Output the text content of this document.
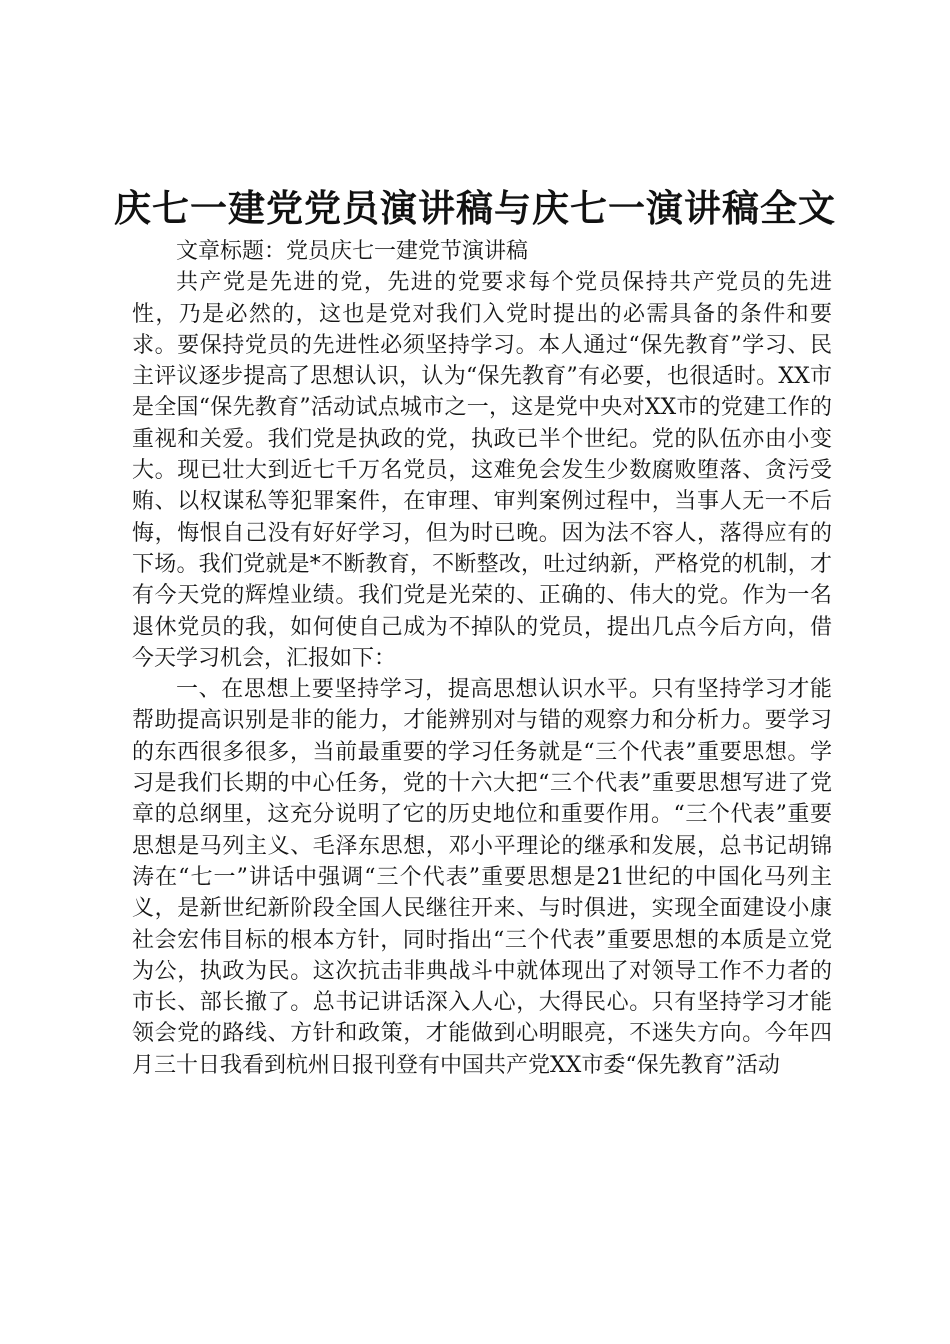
庆七一建党党员演讲稿与庆七一演讲稿全文

文章标题：党员庆七一建党节演讲稿

共产党是先进的党，先进的党要求每个党员保持共产党员的先进性，乃是必然的，这也是党对我们入党时提出的必需具备的条件和要求。要保持党员的先进性必须坚持学习。本人通过“保先教育”学习、民主评议逐步提高了思想认识，认为“保先教育”有必要，也很适时。XX市是全国“保先教育”活动试点城市之一，这是党中央对XX市的党建工作的重视和关爱。我们党是执政的党，执政已半个世纪。党的队伍亦由小变大。现已壮大到近七千万名党员，这难免会发生少数腐败堕落、贪污受贿、以权谋私等犯罪案件，在审理、审判案例过程中，当事人无一不后悔，悔恨自己没有好好学习，但为时已晚。因为法不容人，落得应有的下场。我们党就是*不断教育，不断整改，吐过纳新，严格党的机制，才有今天党的辉煌业绩。我们党是光荣的、正确的、伟大的党。作为一名退休党员的我，如何使自己成为不掉队的党员，提出几点今后方向，借今天学习机会，汇报如下：

一、在思想上要坚持学习，提高思想认识水平。只有坚持学习才能帮助提高识别是非的能力，才能辨别对与错的观察力和分析力。要学习的东西很多很多，当前最重要的学习任务就是“三个代表”重要思想。学习是我们长期的中心任务，党的十六大把“三个代表”重要思想写进了党章的总纲里，这充分说明了它的历史地位和重要作用。“三个代表”重要思想是马列主义、毛泽东思想，邓小平理论的继承和发展，总书记胡锦涛在“七一”讲话中强调“三个代表”重要思想是21世纪的中国化马列主义，是新世纪新阶段全国人民继往开来、与时俱进，实现全面建设小康社会宏伟目标的根本方针，同时指出“三个代表”重要思想的本质是立党为公，执政为民。这次抗击非典战斗中就体现出了对领导工作不力者的市长、部长撤了。总书记讲话深入人心，大得民心。只有坚持学习才能领会党的路线、方针和政策，才能做到心明眼亮，不迷失方向。今年四月三十日我看到杭州日报刊登有中国共产党XX市委“保先教育”活动
